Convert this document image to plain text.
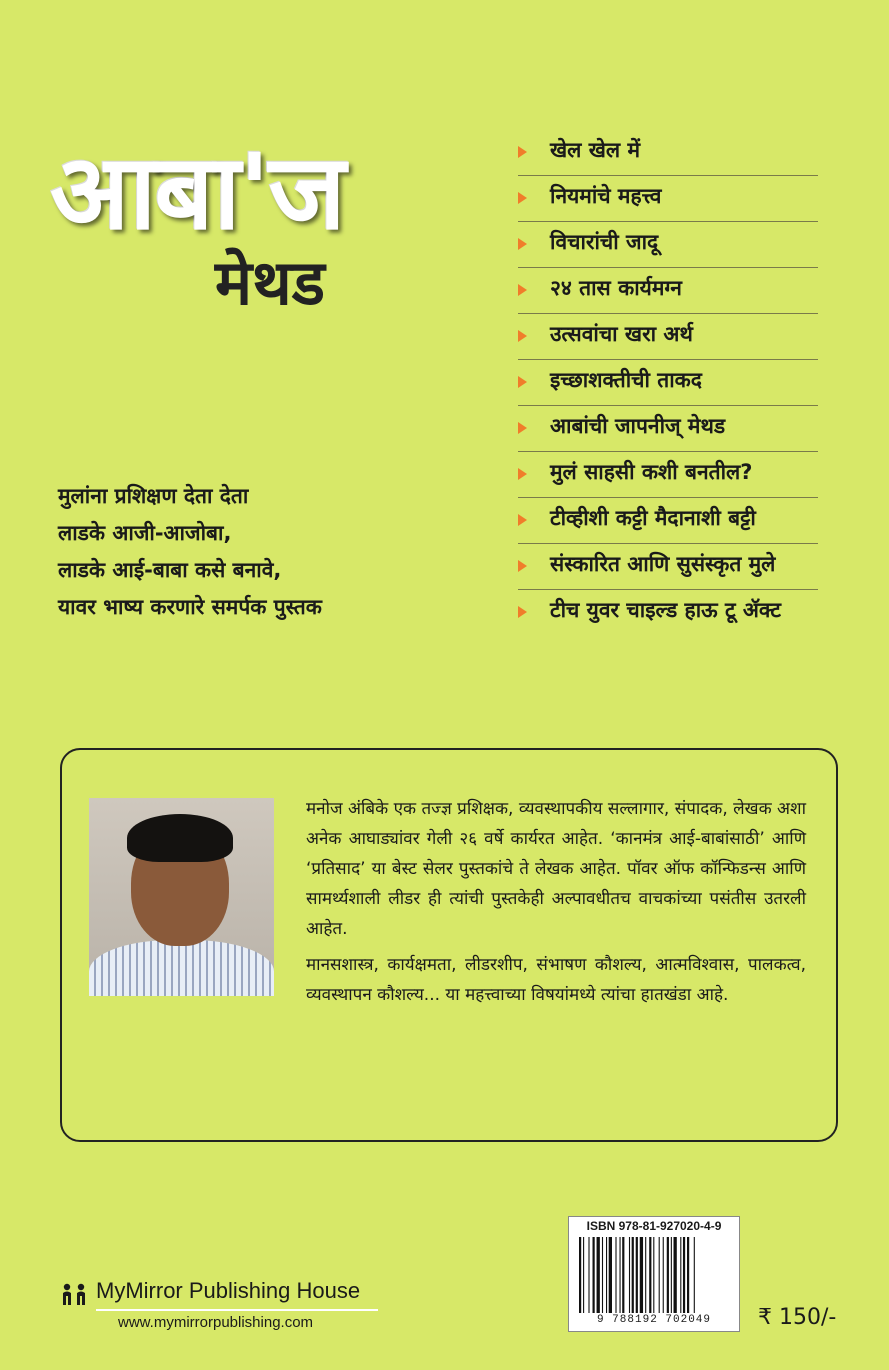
आबा'ज
मेथड
खेल खेल में
नियमांचे महत्त्व
विचारांची जादू
२४ तास कार्यमग्न
उत्सवांचा खरा अर्थ
इच्छाशक्तीची ताकद
आबांची जापनीज् मेथड
मुलं साहसी कशी बनतील?
टीव्हीशी कट्टी मैदानाशी बट्टी
संस्कारित आणि सुसंस्कृत मुले
टीच युवर चाइल्ड हाऊ टू ॲक्ट
मुलांना प्रशिक्षण देता देता
लाडके आजी-आजोबा,
लाडके आई-बाबा कसे बनावे,
यावर भाष्य करणारे समर्पक पुस्तक

मनोज अंबिके एक तज्ज्ञ प्रशिक्षक, व्यवस्थापकीय सल्लागार, संपादक, लेखक अशा अनेक आघाड्यांवर गेली २६ वर्षे कार्यरत आहेत. ‘कानमंत्र आई-बाबांसाठी’ आणि ‘प्रतिसाद’ या बेस्ट सेलर पुस्तकांचे ते लेखक आहेत. पॉवर ऑफ कॉन्फिडन्स आणि सामर्थ्यशाली लीडर ही त्यांची पुस्तकेही अल्पावधीतच वाचकांच्या पसंतीस उतरली आहेत.

मानसशास्त्र, कार्यक्षमता, लीडरशीप, संभाषण कौशल्य, आत्मविश्वास, पालकत्व, व्यवस्थापन कौशल्य... या महत्त्वाच्या विषयांमध्ये त्यांचा हातखंडा आहे.

MyMirror Publishing House
www.mymirrorpublishing.com
ISBN 978-81-927020-4-9
9 788192 702049	₹ 150/-
